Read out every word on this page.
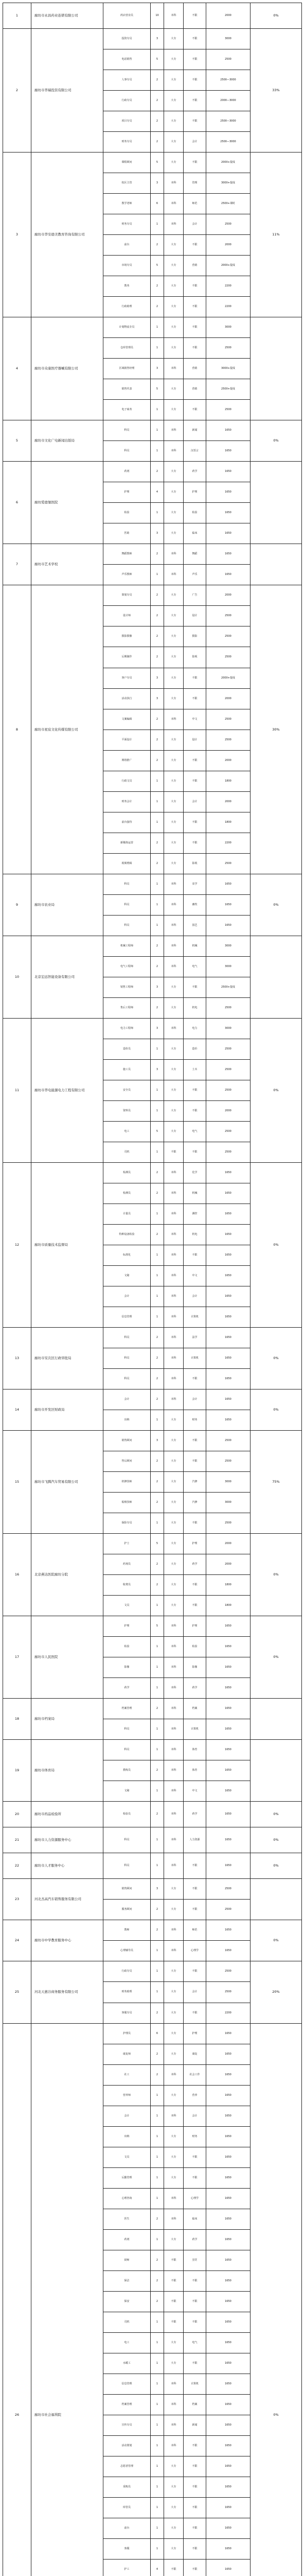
1	廊坊市永昌药业连锁有限公司	药店营业员	10	本科	不限	2000	0%
2	廊坊市华瑞投资有限公司	投资专员	3	大专	不限	3000	33%
		电话销售	5	大专	不限	2500	
		人事专员	2	大专	不限	2500—3000	
		行政专员	2	大专	不限	2000—3000	
		项目专员	2	大专	不限	2500—3000	
		财务专员	2	大专	会计	2500—3000	
3	廊坊市华安德美教育咨询有限公司	课程顾问	5	大专	不限	2000+提成	11%
		校区主管	3	本科	管理	3000+提成	
		教学老师	6	本科	师范	2500+课时	
		财务专员	1	本科	会计	2500	
		前台	2	大专	不限	2000	
		市场专员	5	大专	营销	2000+提成	
		教务	2	大专	不限	2200	
		行政助理	2	大专	不限	2200	
4	廊坊市众康医疗器械有限公司	计划物流专员	1	大专	不限	3000	
		仓库管理员	1	大专	不限	2500	
		区域销售经理	3	本科	营销	3000+提成	
		销售代表	5	大专	营销	2500+提成	
		电子商务	1	大专	不限	2500	
5	廊坊市文化广电新闻出版局	科员	1	本科	新闻	1650	0%
		科员	1	本科	汉语言	1650	
6	廊坊爱德堡医院	药剂	2	大专	药学	1650	
		护理	4	大专	护理	1650	
		检验	1	大专	检验	1650	
		医助	3	大专	临床	1650	
7	廊坊市艺术学校	舞蹈教师	2	本科	舞蹈	1650	
		声乐教师	1	本科	声乐	1650	
8	廊坊市星宸文化传媒有限公司	策划专员	2	大专	广告	2000	30%
		设计师	2	大专	设计	2500	
		摄影摄像	2	大专	摄影	2500	
		后期制作	2	大专	影视	2500	
		客户专员	3	大专	不限	2000+提成	
		活动执行	3	大专	不限	2000	
		文案编辑	2	本科	中文	2500	
		平面设计	2	大专	设计	2500	
		网络推广	2	大专	不限	2000	
		行政文员	1	大专	不限	1800	
		财务会计	1	大专	会计	2000	
		前台接待	1	大专	不限	1800	
		新媒体运营	2	大专	不限	2200	
		视频剪辑	2	大专	影视	2500	
9	廊坊市农业局	科员	1	本科	农学	1650	0%
		科员	1	本科	畜牧	1650	
		科员	1	本科	园艺	1650	
10	北京宏远智能设备有限公司	机械工程师	2	本科	机械	3000	
		电气工程师	2	本科	电气	3000	
		销售工程师	3	大专	不限	2500+提成	
		售后工程师	2	大专	机电	2500	
11	廊坊市华电能源电力工程有限公司	电力工程师	3	本科	电力	3000	0%
		造价员	1	大专	造价	2500	
		施工员	3	大专	土木	2500	
		安全员	1	大专	不限	2500	
		资料员	1	大专	不限	2000	
		电工	5	大专	电气	2500	
		司机	1	不限	不限	2500	
12	廊坊市质量技术监督局	检测员	2	本科	化学	1650	0%
		检测员	2	本科	机械	1650	
		计量员	1	本科	测控	1650	
		特种设备检验	2	本科	机电	1650	
		标准化	1	本科	不限	1650	
		文秘	1	本科	中文	1650	
		会计	1	本科	会计	1650	
		信息管理	1	本科	计算机	1650	
13	廊坊市安次区行政审批局	科员	2	本科	法学	1650	0%
		科员	2	本科	计算机	1650	
		科员	2	本科	不限	1650	
14	廊坊市开发区财政局	会计	2	本科	会计	1650	0%
		出纳	1	大专	财务	1650	
15	廊坊市飞腾汽车贸易有限公司	销售顾问	3	大专	不限	2500	75%
		售后顾问	2	大专	不限	2500	
		机修技师	2	大专	汽修	3000	
		钣喷技师	2	大专	汽修	3000	
		保险专员	1	大专	不限	2500	
16	北京燕达医院廊坊分院	护士	5	大专	护理	2000	0%
		药剂员	2	大专	药学	2000	
		收费员	2	大专	不限	1800	
		文员	1	大专	不限	1800	
17	廊坊市人民医院	护理	5	本科	护理	1650	0%
		检验	1	本科	检验	1650	
		影像	1	本科	影像	1650	
		药学	1	本科	药学	1650	
18	廊坊市档案局	档案管理	2	本科	档案	1650	
		科员	1	本科	计算机	1650	
19	廊坊市体育局	科员	1	本科	体育	1650	
		教练员	2	本科	体育	1650	
		文秘	1	本科	中文	1650	
20	廊坊市药品检验所	检验员	2	本科	药学	1650	0%
21	廊坊市人力资源服务中心	科员	1	本科	人力资源	1650	0%
22	廊坊市人才服务中心	科员	1	本科	不限	1650	0%
23	河北杰高汽车销售服务有限公司	销售顾问	3	大专	不限	2500	
		服务顾问	2	大专	不限	2500	
24	廊坊市中学教育服务中心	教师	2	本科	师范	1650	0%
		心理辅导员	1	本科	心理学	1650	
25	河北天惠谷商务服务有限公司	行政专员	1	大专	不限	2500	20%
		财务助理	1	大专	会计	2500	
		客服专员	2	大专	不限	2200	
26	廊坊市社会福利院	护理员	6	大专	护理	1650	0%
		康复师	2	大专	康复	1650	
		社工	2	本科	社会工作	1650	
		营养师	1	大专	营养	1650	
		会计	1	本科	会计	1650	
		出纳	1	大专	财务	1650	
		文员	1	大专	不限	1650	
		后勤管理	1	大专	不限	1650	
		心理咨询	1	本科	心理学	1650	
		医生	2	本科	临床	1650	
		药剂	1	大专	药学	1650	
		厨师	2	不限	烹饪	1650	
		保洁	2	不限	不限	1650	
		保安	2	不限	不限	1650	
		司机	1	不限	不限	1650	
		电工	1	大专	电气	1650	
		水暖工	1	大专	不限	1650	
		信息管理	1	本科	计算机	1650	
		档案管理	1	本科	档案	1650	
		宣传专员	1	本科	新闻	1650	
		活动策划	1	本科	不限	1650	
		志愿者管理	1	大专	不限	1650	
		采购员	1	大专	不限	1650	
		库管员	1	大专	不限	1650	
		前台	1	大专	不限	1650	
		客服	1	大专	不限	1650	
		护工	4	不限	不限	1650	
